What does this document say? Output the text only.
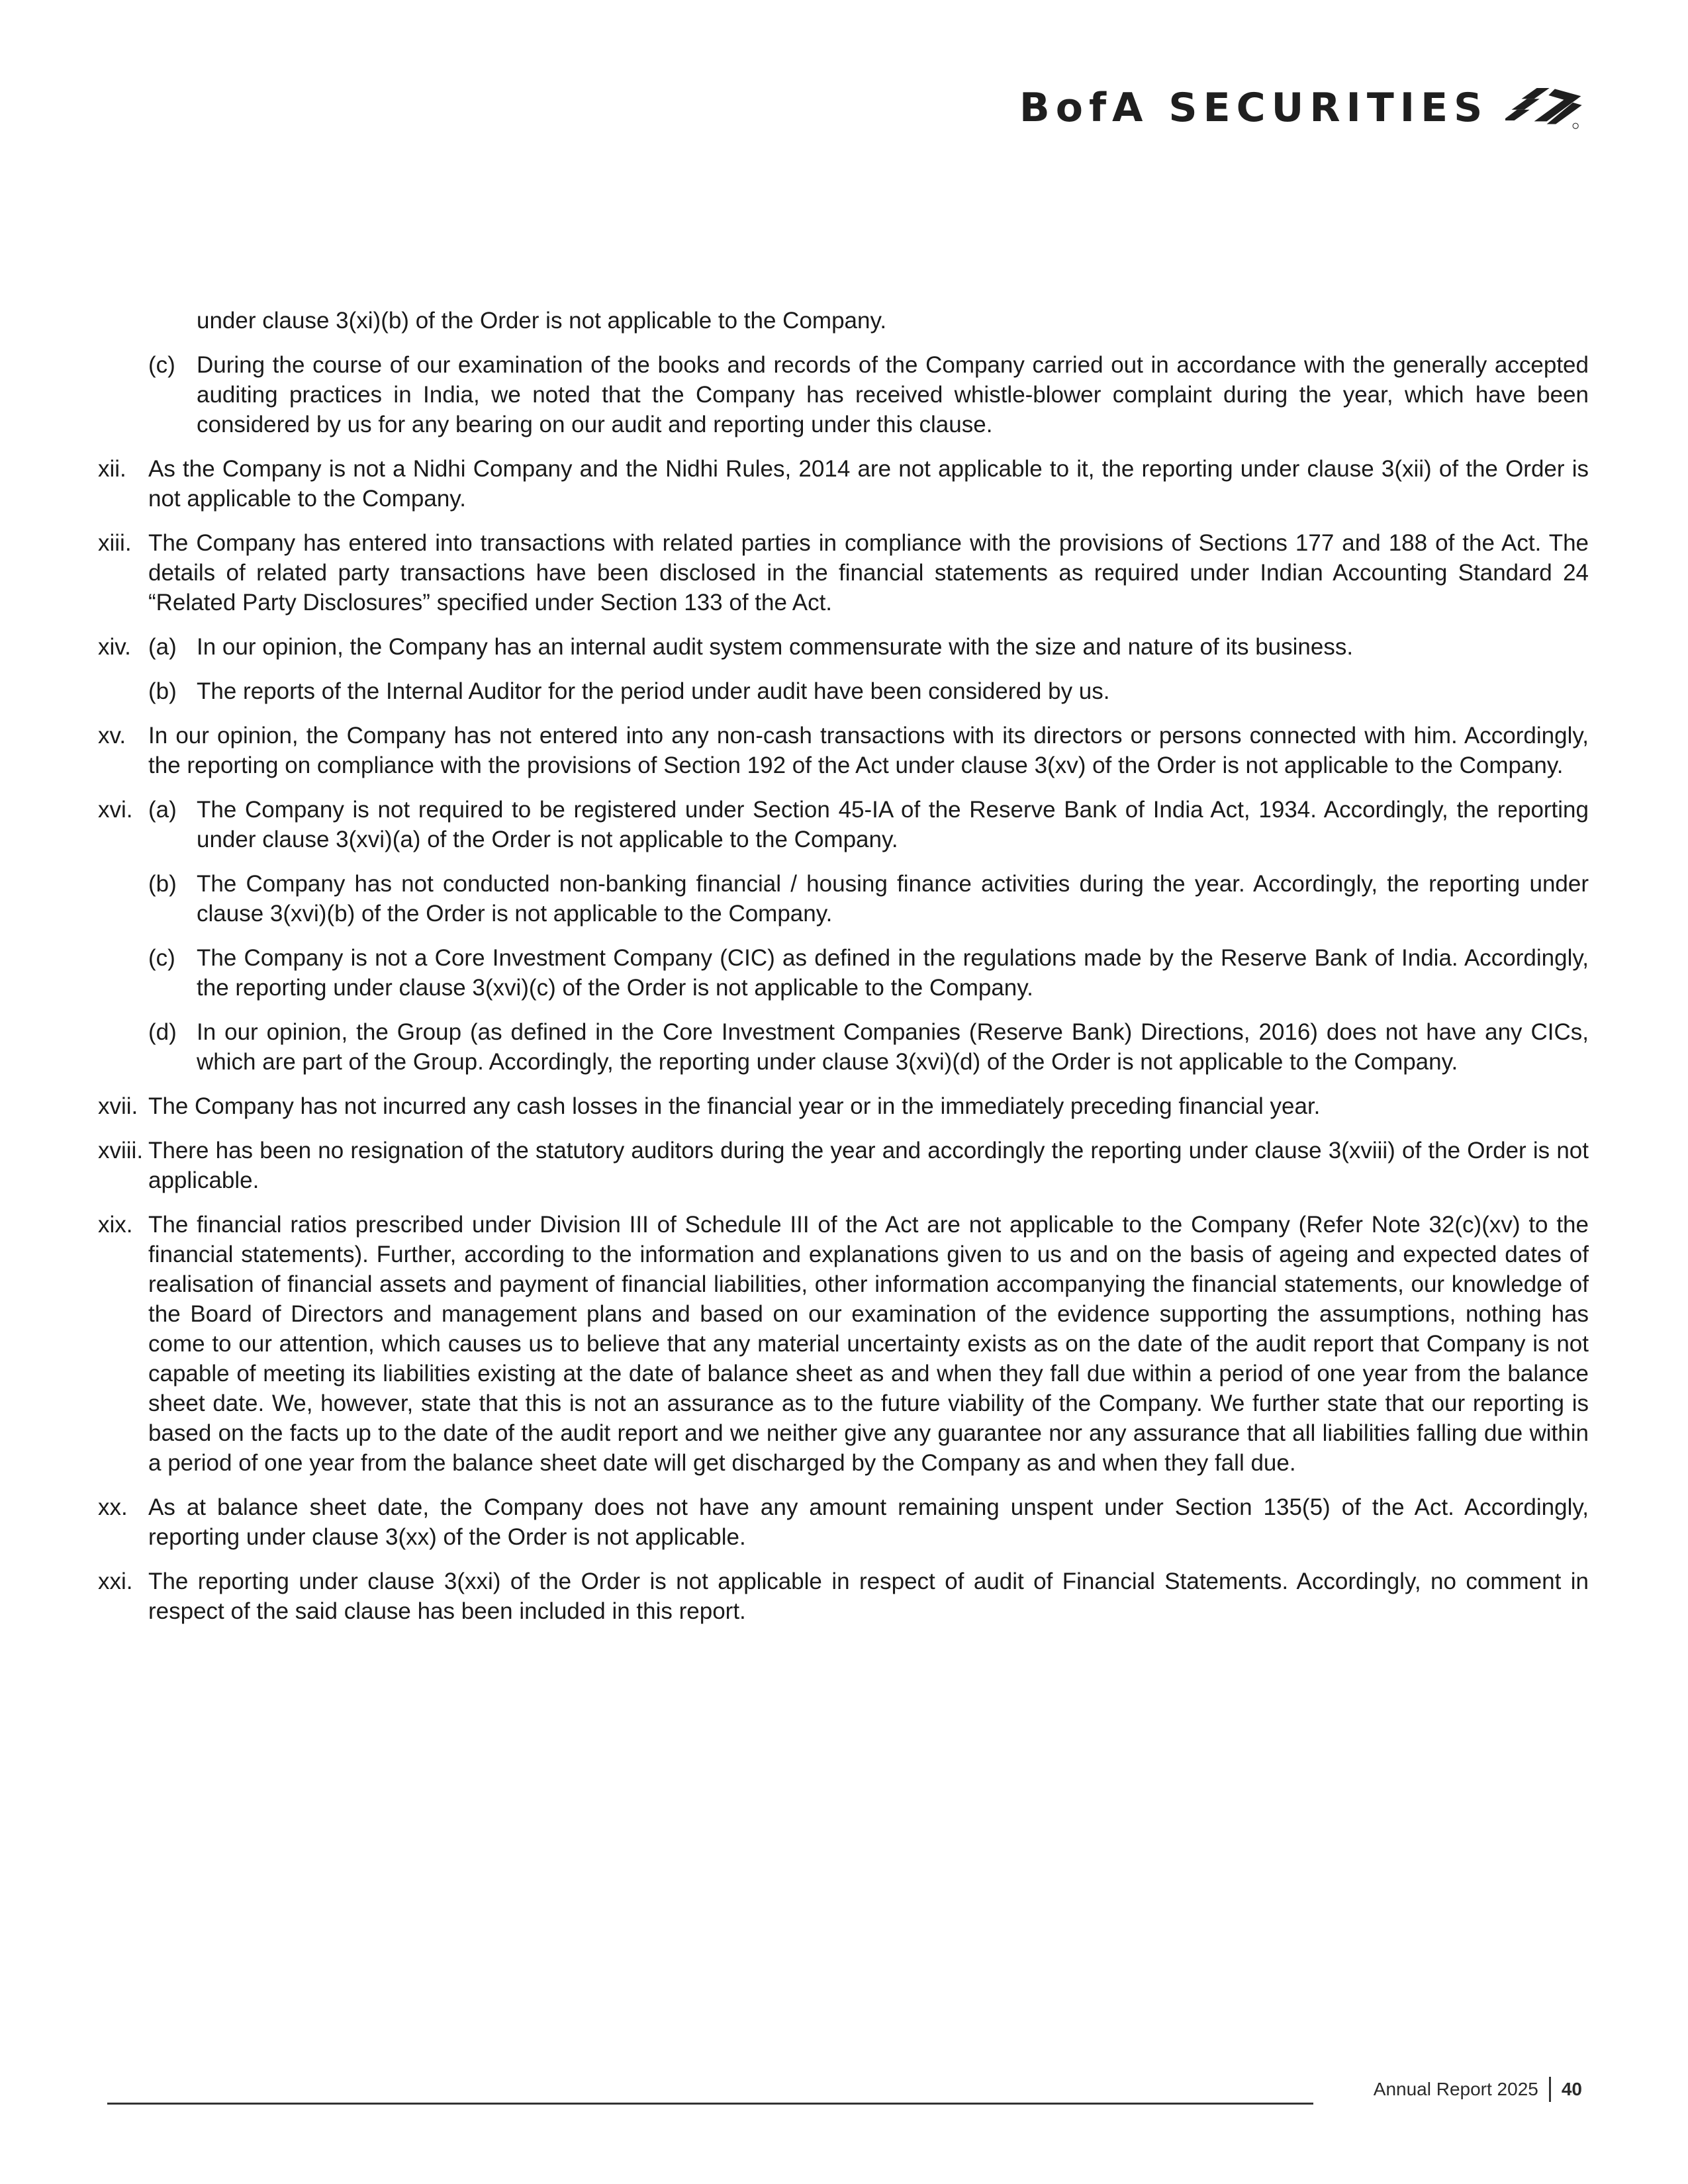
BofA SECURITIES

under clause 3(xi)(b) of the Order is not applicable to the Company.

(c) During the course of our examination of the books and records of the Company carried out in accordance with the generally accepted auditing practices in India, we noted that the Company has received whistle-blower complaint during the year, which have been considered by us for any bearing on our audit and reporting under this clause.
xii. As the Company is not a Nidhi Company and the Nidhi Rules, 2014 are not applicable to it, the reporting under clause 3(xii) of the Order is not applicable to the Company.
xiii. The Company has entered into transactions with related parties in compliance with the provisions of Sections 177 and 188 of the Act. The details of related party transactions have been disclosed in the financial statements as required under Indian Accounting Standard 24 “Related Party Disclosures” specified under Section 133 of the Act.
xiv. (a) In our opinion, the Company has an internal audit system commensurate with the size and nature of its business.
(b) The reports of the Internal Auditor for the period under audit have been considered by us.
xv. In our opinion, the Company has not entered into any non-cash transactions with its directors or persons connected with him. Accordingly, the reporting on compliance with the provisions of Section 192 of the Act under clause 3(xv) of the Order is not applicable to the Company.
xvi. (a) The Company is not required to be registered under Section 45-IA of the Reserve Bank of India Act, 1934. Accordingly, the reporting under clause 3(xvi)(a) of the Order is not applicable to the Company.
(b) The Company has not conducted non-banking financial / housing finance activities during the year. Accordingly, the reporting under clause 3(xvi)(b) of the Order is not applicable to the Company.
(c) The Company is not a Core Investment Company (CIC) as defined in the regulations made by the Reserve Bank of India. Accordingly, the reporting under clause 3(xvi)(c) of the Order is not applicable to the Company.
(d) In our opinion, the Group (as defined in the Core Investment Companies (Reserve Bank) Directions, 2016) does not have any CICs, which are part of the Group. Accordingly, the reporting under clause 3(xvi)(d) of the Order is not applicable to the Company.
xvii. The Company has not incurred any cash losses in the financial year or in the immediately preceding financial year.
xviii. There has been no resignation of the statutory auditors during the year and accordingly the reporting under clause 3(xviii) of the Order is not applicable.
xix. The financial ratios prescribed under Division III of Schedule III of the Act are not applicable to the Company (Refer Note 32(c)(xv) to the financial statements). Further, according to the information and explanations given to us and on the basis of ageing and expected dates of realisation of financial assets and payment of financial liabilities, other information accompanying the financial statements, our knowledge of the Board of Directors and management plans and based on our examination of the evidence supporting the assumptions, nothing has come to our attention, which causes us to believe that any material uncertainty exists as on the date of the audit report that Company is not capable of meeting its liabilities existing at the date of balance sheet as and when they fall due within a period of one year from the balance sheet date. We, however, state that this is not an assurance as to the future viability of the Company. We further state that our reporting is based on the facts up to the date of the audit report and we neither give any guarantee nor any assurance that all liabilities falling due within a period of one year from the balance sheet date will get discharged by the Company as and when they fall due.
xx. As at balance sheet date, the Company does not have any amount remaining unspent under Section 135(5) of the Act. Accordingly, reporting under clause 3(xx) of the Order is not applicable.
xxi. The reporting under clause 3(xxi) of the Order is not applicable in respect of audit of Financial Statements. Accordingly, no comment in respect of the said clause has been included in this report.
Annual Report 2025 40
